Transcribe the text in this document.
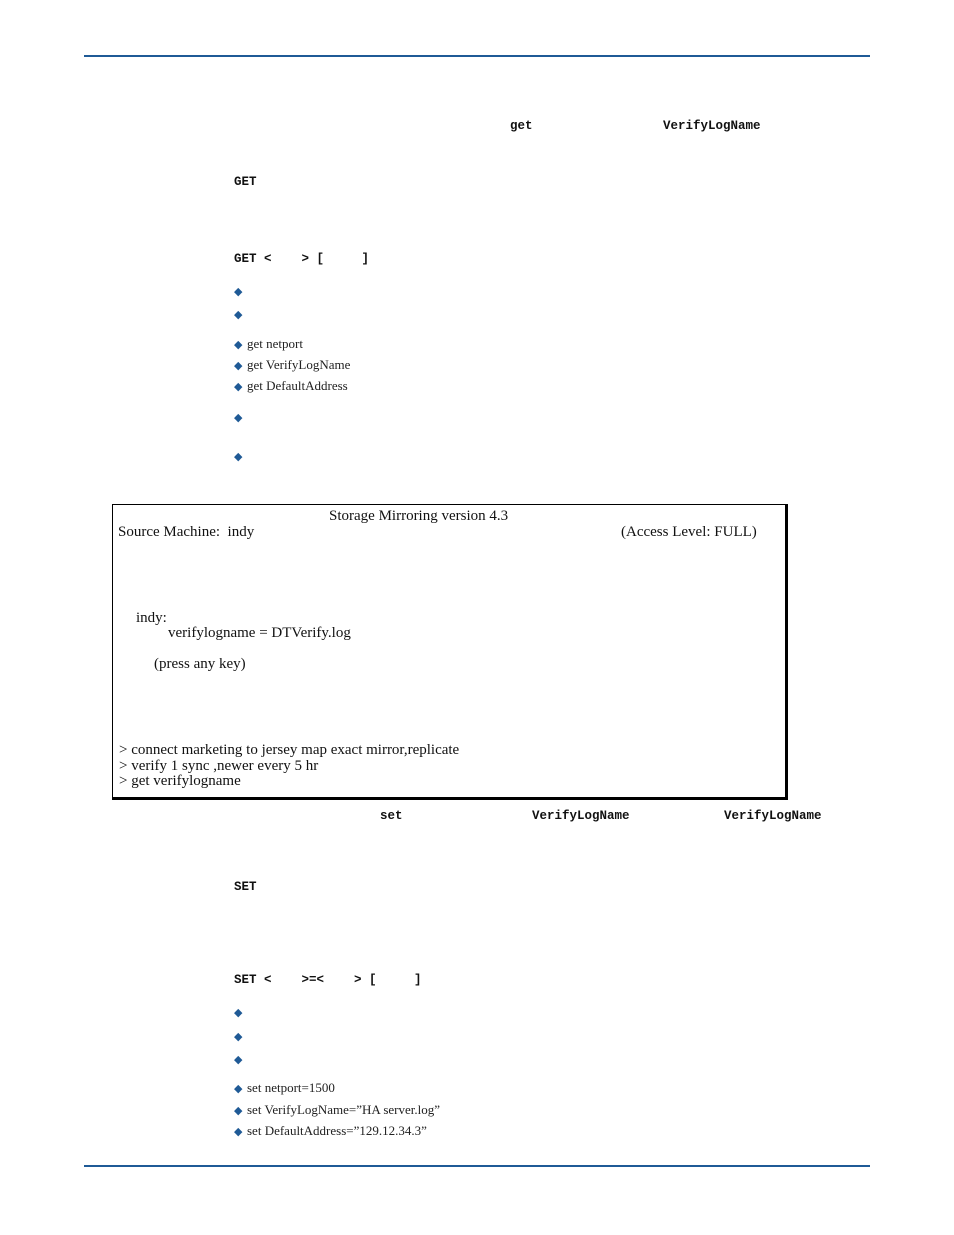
get	VerifyLogName
GET
GET <    > [     ]
◆
◆
◆ get netport
◆ get VerifyLogName
◆ get DefaultAddress
◆
◆
Storage Mirroring version 4.3
Source Machine:  indy	(Access Level: FULL)
indy:
verifylogname = DTVerify.log
(press any key)
> connect marketing to jersey map exact mirror,replicate
> verify 1 sync ,newer every 5 hr
> get verifylogname
set	VerifyLogName	VerifyLogName
SET
SET <    >=<    > [     ]
◆
◆
◆
◆ set netport=1500
◆ set VerifyLogName=”HA server.log”
◆ set DefaultAddress=”129.12.34.3”
